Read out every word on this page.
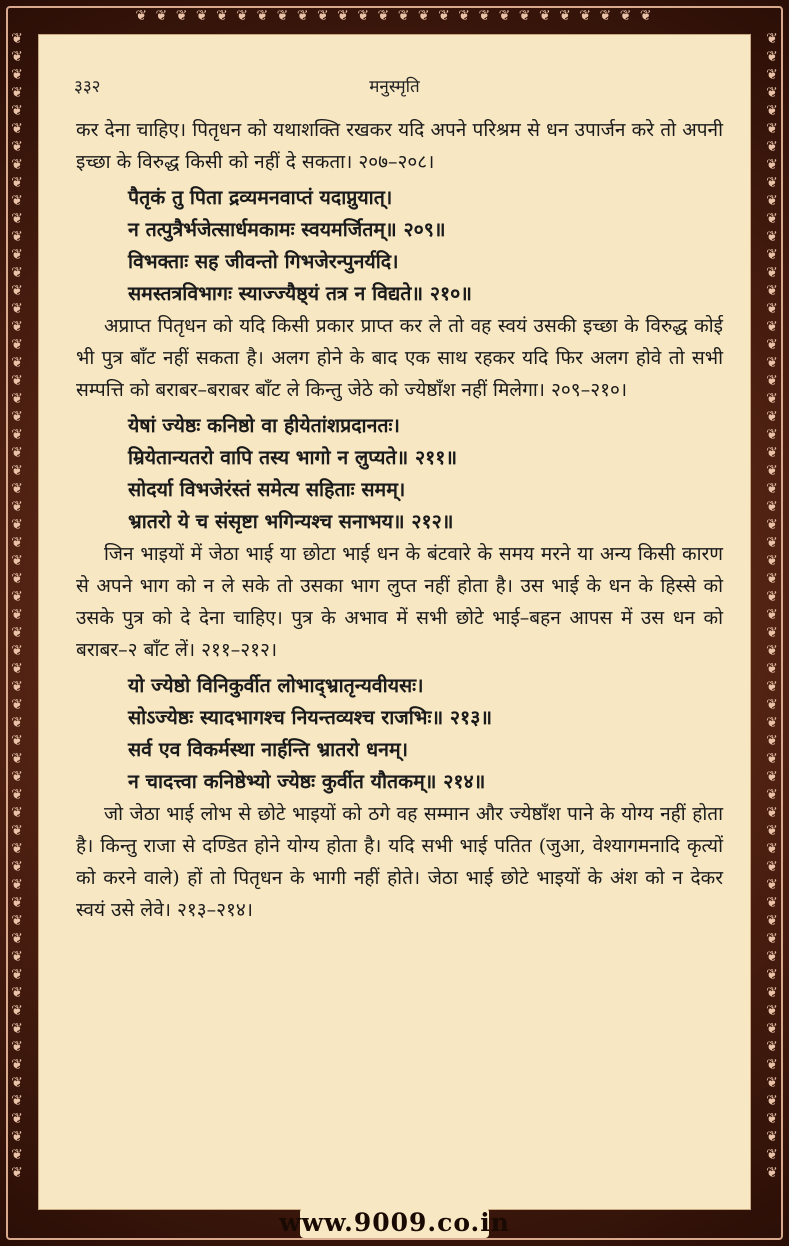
❦ ❦ ❦ ❦ ❦ ❦ ❦ ❦ ❦ ❦ ❦ ❦ ❦ ❦ ❦ ❦ ❦ ❦ ❦ ❦ ❦ ❦ ❦ ❦ ❦ ❦
❦
❦
❦
❦
❦
❦
❦
❦
❦
❦
❦
❦
❦
❦
❦
❦
❦
❦
❦
❦
❦
❦
❦
❦
❦
❦
❦
❦
❦
❦
❦
❦
❦
❦
❦
❦
❦
❦
❦
❦
❦
❦
❦
❦
❦
❦
❦
❦
❦
❦
❦
❦
❦
❦
❦
❦
❦
❦
❦
❦
❦
❦
❦
❦
❦
❦
❦
❦
❦
❦
❦
❦
❦
❦
❦
❦
❦
❦
❦
❦
❦
❦
❦
❦
❦
❦
❦
❦
❦
❦
❦
❦
❦
❦
❦
❦
❦
❦
❦
❦
❦
❦
❦
❦
❦
❦
❦
❦
❦
❦
❦
❦
❦
❦
❦
❦
❦
❦
❦
❦
❦
❦
❦
❦
❦
❦
❦
❦
३३२	मनुस्मृति

कर देना चाहिए। पितृधन को यथाशक्ति रखकर यदि अपने परिश्रम से धन उपार्जन करे तो अपनी इच्छा के विरुद्ध किसी को नहीं दे सकता। २०७–२०८।

पैतृकं तु पिता द्रव्यमनवाप्तं यदाप्नुयात्।

न तत्पुत्रैर्भजेत्सार्धमकामः स्वयमर्जितम्॥ २०९॥

विभक्ताः सह जीवन्तो गिभजेरन्पुनर्यदि।

समस्तत्रविभागः स्याज्ज्यैष्ठ्यं तत्र न विद्यते॥ २१०॥

अप्राप्त पितृधन को यदि किसी प्रकार प्राप्त कर ले तो वह स्वयं उसकी इच्छा के विरुद्ध कोई भी पुत्र बाँट नहीं सकता है। अलग होने के बाद एक साथ रहकर यदि फिर अलग होवे तो सभी सम्पत्ति को बराबर–बराबर बाँट ले किन्तु जेठे को ज्येष्ठाँश नहीं मिलेगा। २०९–२१०।

येषां ज्येष्ठः कनिष्ठो वा हीयेतांशप्रदानतः।

म्रियेतान्यतरो वापि तस्य भागो न लुप्यते॥ २११॥

सोदर्या विभजेरंस्तं समेत्य सहिताः समम्।

भ्रातरो ये च संसृष्टा भगिन्यश्च सनाभय॥ २१२॥

जिन भाइयों में जेठा भाई या छोटा भाई धन के बंटवारे के समय मरने या अन्य किसी कारण से अपने भाग को न ले सके तो उसका भाग लुप्त नहीं होता है। उस भाई के धन के हिस्से को उसके पुत्र को दे देना चाहिए। पुत्र के अभाव में सभी छोटे भाई–बहन आपस में उस धन को बराबर–२ बाँट लें। २११–२१२।

यो ज्येष्ठो विनिकुर्वीत लोभाद्भ्रातृन्यवीयसः।

सोऽज्येष्ठः स्यादभागश्च नियन्तव्यश्च राजभिः॥ २१३॥

सर्व एव विकर्मस्था नार्हन्ति भ्रातरो धनम्।

न चादत्त्वा कनिष्ठेभ्यो ज्येष्ठः कुर्वीत यौतकम्॥ २१४॥

जो जेठा भाई लोभ से छोटे भाइयों को ठगे वह सम्मान और ज्येष्ठाँश पाने के योग्य नहीं होता है। किन्तु राजा से दण्डित होने योग्य होता है। यदि सभी भाई पतित (जुआ, वेश्यागमनादि कृत्यों को करने वाले) हों तो पितृधन के भागी नहीं होते। जेठा भाई छोटे भाइयों के अंश को न देकर स्वयं उसे लेवे। २१३–२१४।

www.9009.co.in
